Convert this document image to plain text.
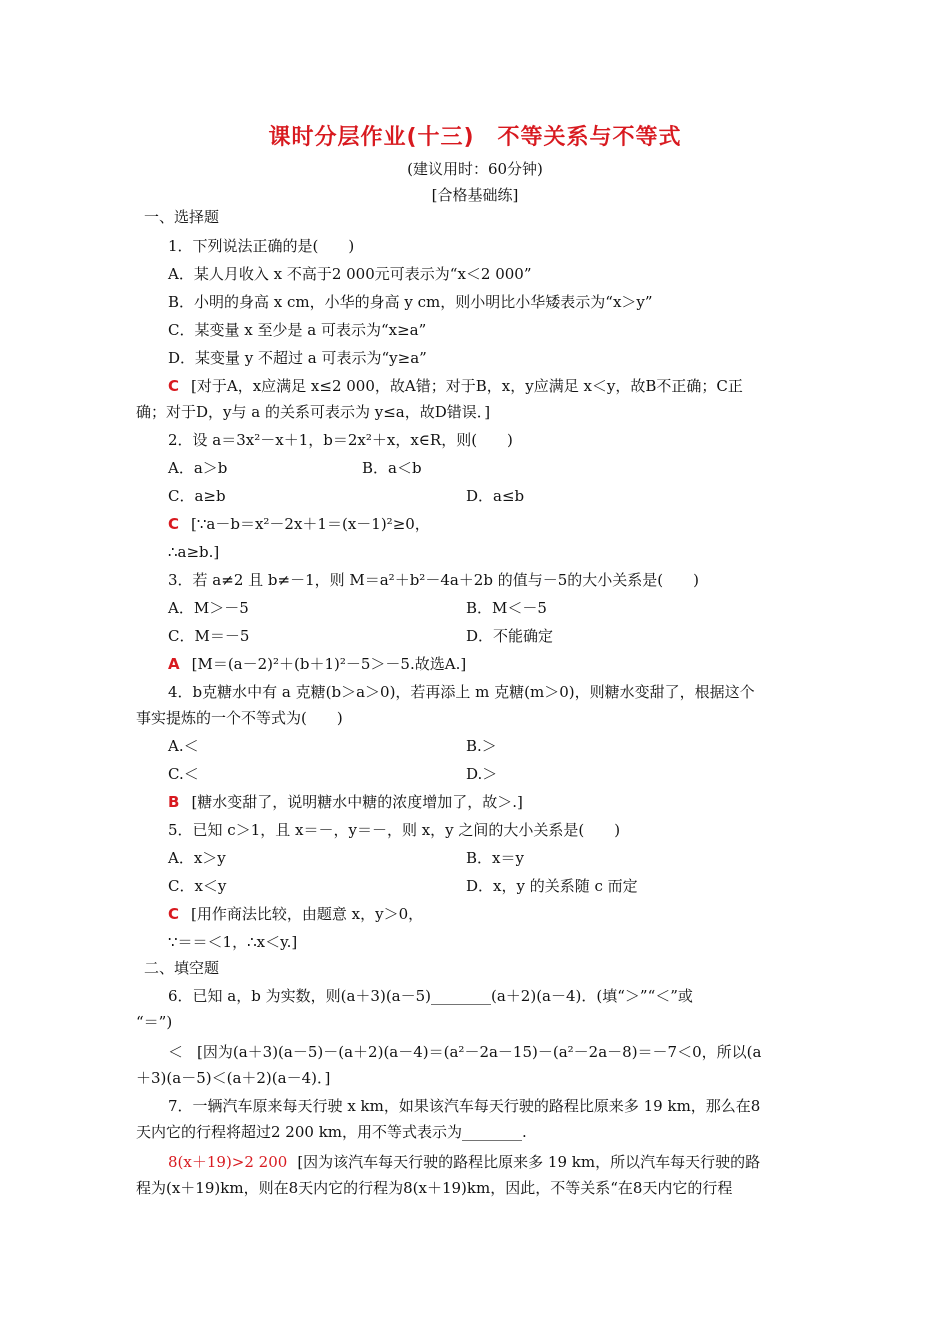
课时分层作业(十三)　不等关系与不等式
(建议用时：60分钟)
[合格基础练]
一、选择题
1．下列说法正确的是(　　)
A．某人月收入 x 不高于2 000元可表示为“x＜2 000”
B．小明的身高 x cm，小华的身高 y cm，则小明比小华矮表示为“x＞y”
C．某变量 x 至少是 a 可表示为“x≥a”
D．某变量 y 不超过 a 可表示为“y≥a”
C [对于A，x应满足 x≤2 000，故A错；对于B，x，y应满足 x＜y，故B不正确；C正
确；对于D，y与 a 的关系可表示为 y≤a，故D错误．]
2．设 a＝3x²－x＋1，b＝2x²＋x，x∈R，则(　　)
A．a＞b	B．a＜b
C．a≥b	D．a≤b
C [∵a－b＝x²－2x＋1＝(x－1)²≥0，
∴a≥b.]
3．若 a≠2 且 b≠－1，则 M＝a²＋b²－4a＋2b 的值与－5的大小关系是(　　)
A．M＞－5	B．M＜－5
C．M＝－5	D．不能确定
A [M＝(a－2)²＋(b＋1)²－5＞－5.故选A.]
4．b克糖水中有 a 克糖(b＞a＞0)，若再添上 m 克糖(m＞0)，则糖水变甜了，根据这个
事实提炼的一个不等式为(　　)
A.＜	B.＞
C.＜	D.＞
B [糖水变甜了，说明糖水中糖的浓度增加了，故＞.]
5．已知 c＞1，且 x＝－，y＝－，则 x，y 之间的大小关系是(　　)
A．x＞y	B．x＝y
C．x＜y	D．x，y 的关系随 c 而定
C [用作商法比较，由题意 x，y＞0，
∵＝＝＜1，∴x＜y.]
二、填空题
6．已知 a，b 为实数，则(a＋3)(a－5)________(a＋2)(a－4)．(填“＞”“＜”或
“＝”)
＜ [因为(a＋3)(a－5)－(a＋2)(a－4)＝(a²－2a－15)－(a²－2a－8)＝－7＜0，所以(a
＋3)(a－5)＜(a＋2)(a－4)．]
7．一辆汽车原来每天行驶 x km，如果该汽车每天行驶的路程比原来多 19 km，那么在8
天内它的行程将超过2 200 km，用不等式表示为________.
8(x＋19)>2 200 [因为该汽车每天行驶的路程比原来多 19 km，所以汽车每天行驶的路
程为(x＋19)km，则在8天内它的行程为8(x＋19)km，因此，不等关系“在8天内它的行程
